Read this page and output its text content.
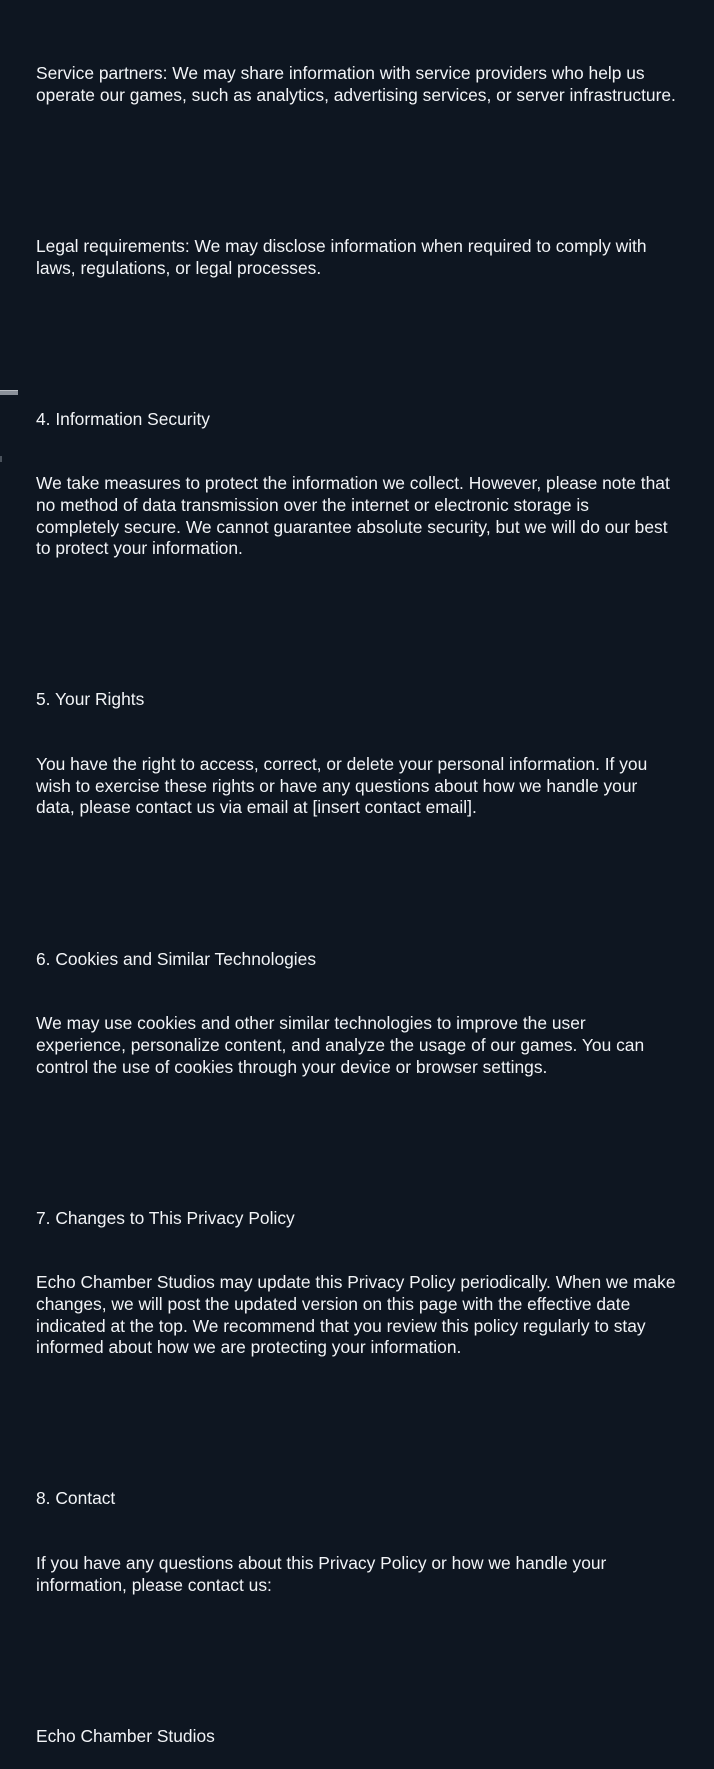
Service partners: We may share information with service providers who help us operate our games, such as analytics, advertising services, or server infrastructure.

Legal requirements: We may disclose information when required to comply with laws, regulations, or legal processes.

4. Information Security

We take measures to protect the information we collect. However, please note that no method of data transmission over the internet or electronic storage is completely secure. We cannot guarantee absolute security, but we will do our best to protect your information.

5. Your Rights

You have the right to access, correct, or delete your personal information. If you wish to exercise these rights or have any questions about how we handle your data, please contact us via email at [insert contact email].

6. Cookies and Similar Technologies

We may use cookies and other similar technologies to improve the user experience, personalize content, and analyze the usage of our games. You can control the use of cookies through your device or browser settings.

7. Changes to This Privacy Policy

Echo Chamber Studios may update this Privacy Policy periodically. When we make changes, we will post the updated version on this page with the effective date indicated at the top. We recommend that you review this policy regularly to stay informed about how we are protecting your information.

8. Contact

If you have any questions about this Privacy Policy or how we handle your information, please contact us:

Echo Chamber Studios
